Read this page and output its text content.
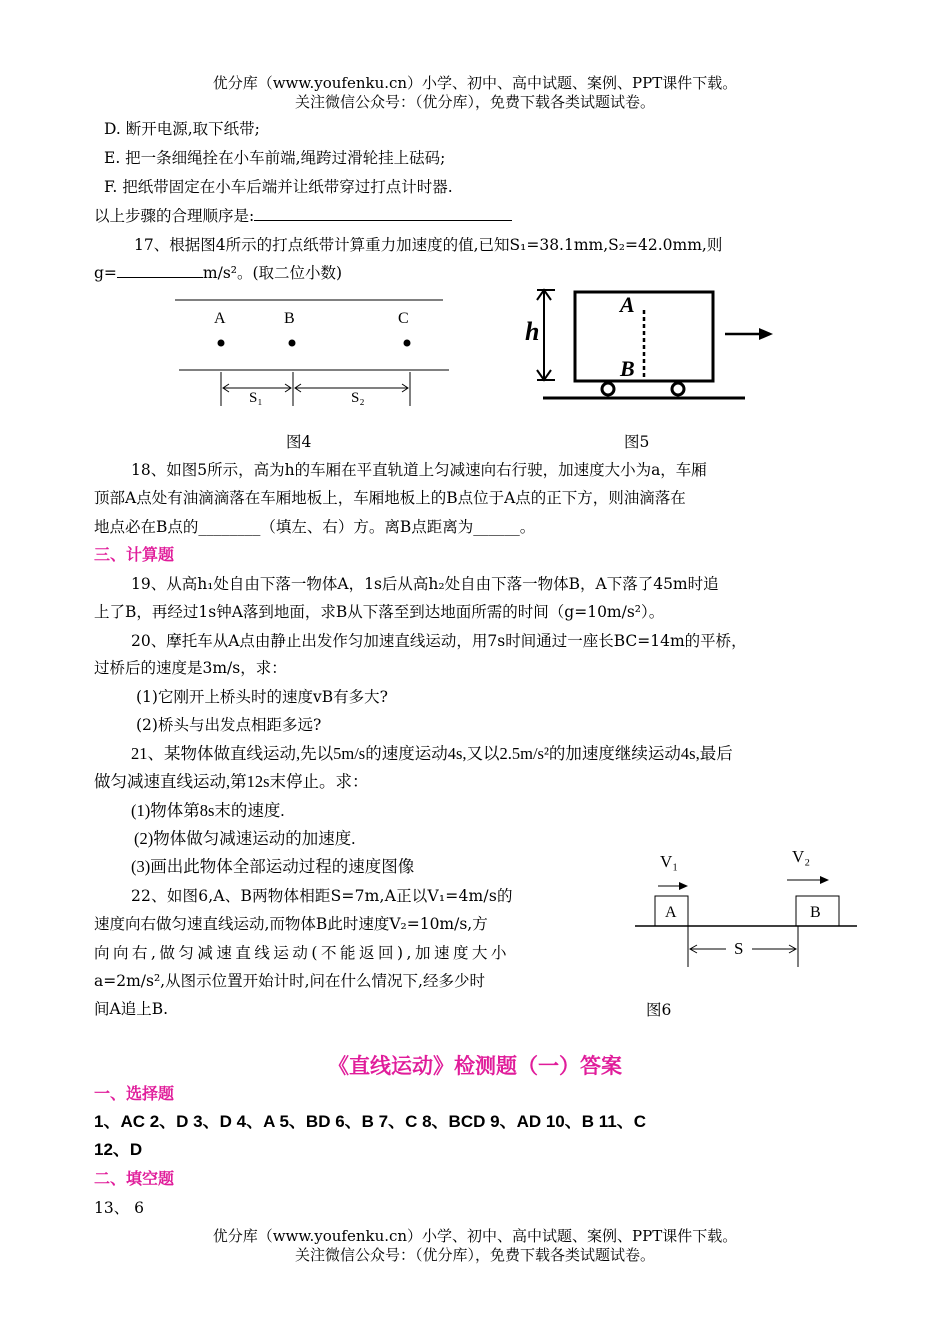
优分库（www.youfenku.cn）小学、初中、高中试题、案例、PPT课件下载。
关注微信公众号：（优分库），免费下载各类试题试卷。
D. 断开电源,取下纸带;
E. 把一条细绳拴在小车前端,绳跨过滑轮挂上砝码;
F. 把纸带固定在小车后端并让纸带穿过打点计时器.
以上步骤的合理顺序是:
17、根据图4所示的打点纸带计算重力加速度的值,已知S₁=38.1mm,S₂=42.0mm,则
g=	m/s²。(取二位小数)
A	B	C
S₁	S₂
图4
h
A
B
图5
18、如图5所示，高为h的车厢在平直轨道上匀减速向右行驶，加速度大小为a，车厢
顶部A点处有油滴滴落在车厢地板上，车厢地板上的B点位于A点的正下方，则油滴落在
地点必在B点的________（填左、右）方。离B点距离为______。
三、计算题
19、从高h₁处自由下落一物体A，1s后从高h₂处自由下落一物体B，A下落了45m时追
上了B，再经过1s钟A落到地面，求B从下落至到达地面所需的时间（g=10m/s²）。
20、摩托车从A点由静止出发作匀加速直线运动，用7s时间通过一座长BC=14m的平桥，
过桥后的速度是3m/s，求：
(1)它刚开上桥头时的速度vB有多大?
(2)桥头与出发点相距多远?
21、某物体做直线运动,先以5m/s的速度运动4s,又以2.5m/s²的加速度继续运动4s,最后
做匀减速直线运动,第12s末停止。求：
(1)物体第8s末的速度.
(2)物体做匀减速运动的加速度.
(3)画出此物体全部运动过程的速度图像
22、如图6,A、B两物体相距S=7m,A正以V₁=4m/s的
速度向右做匀速直线运动,而物体B此时速度V₂=10m/s,方
向向右,做匀减速直线运动(不能返回),加速度大小
a=2m/s²,从图示位置开始计时,问在什么情况下,经多少时
间A追上B.
V₁	V₂
A	B
S
图6
《直线运动》检测题（一）答案
一、选择题
1、AC 2、D 3、D 4、A 5、BD 6、B 7、C 8、BCD 9、AD 10、B 11、C
12、D
二、填空题
13、 6
优分库（www.youfenku.cn）小学、初中、高中试题、案例、PPT课件下载。
关注微信公众号：（优分库），免费下载各类试题试卷。
